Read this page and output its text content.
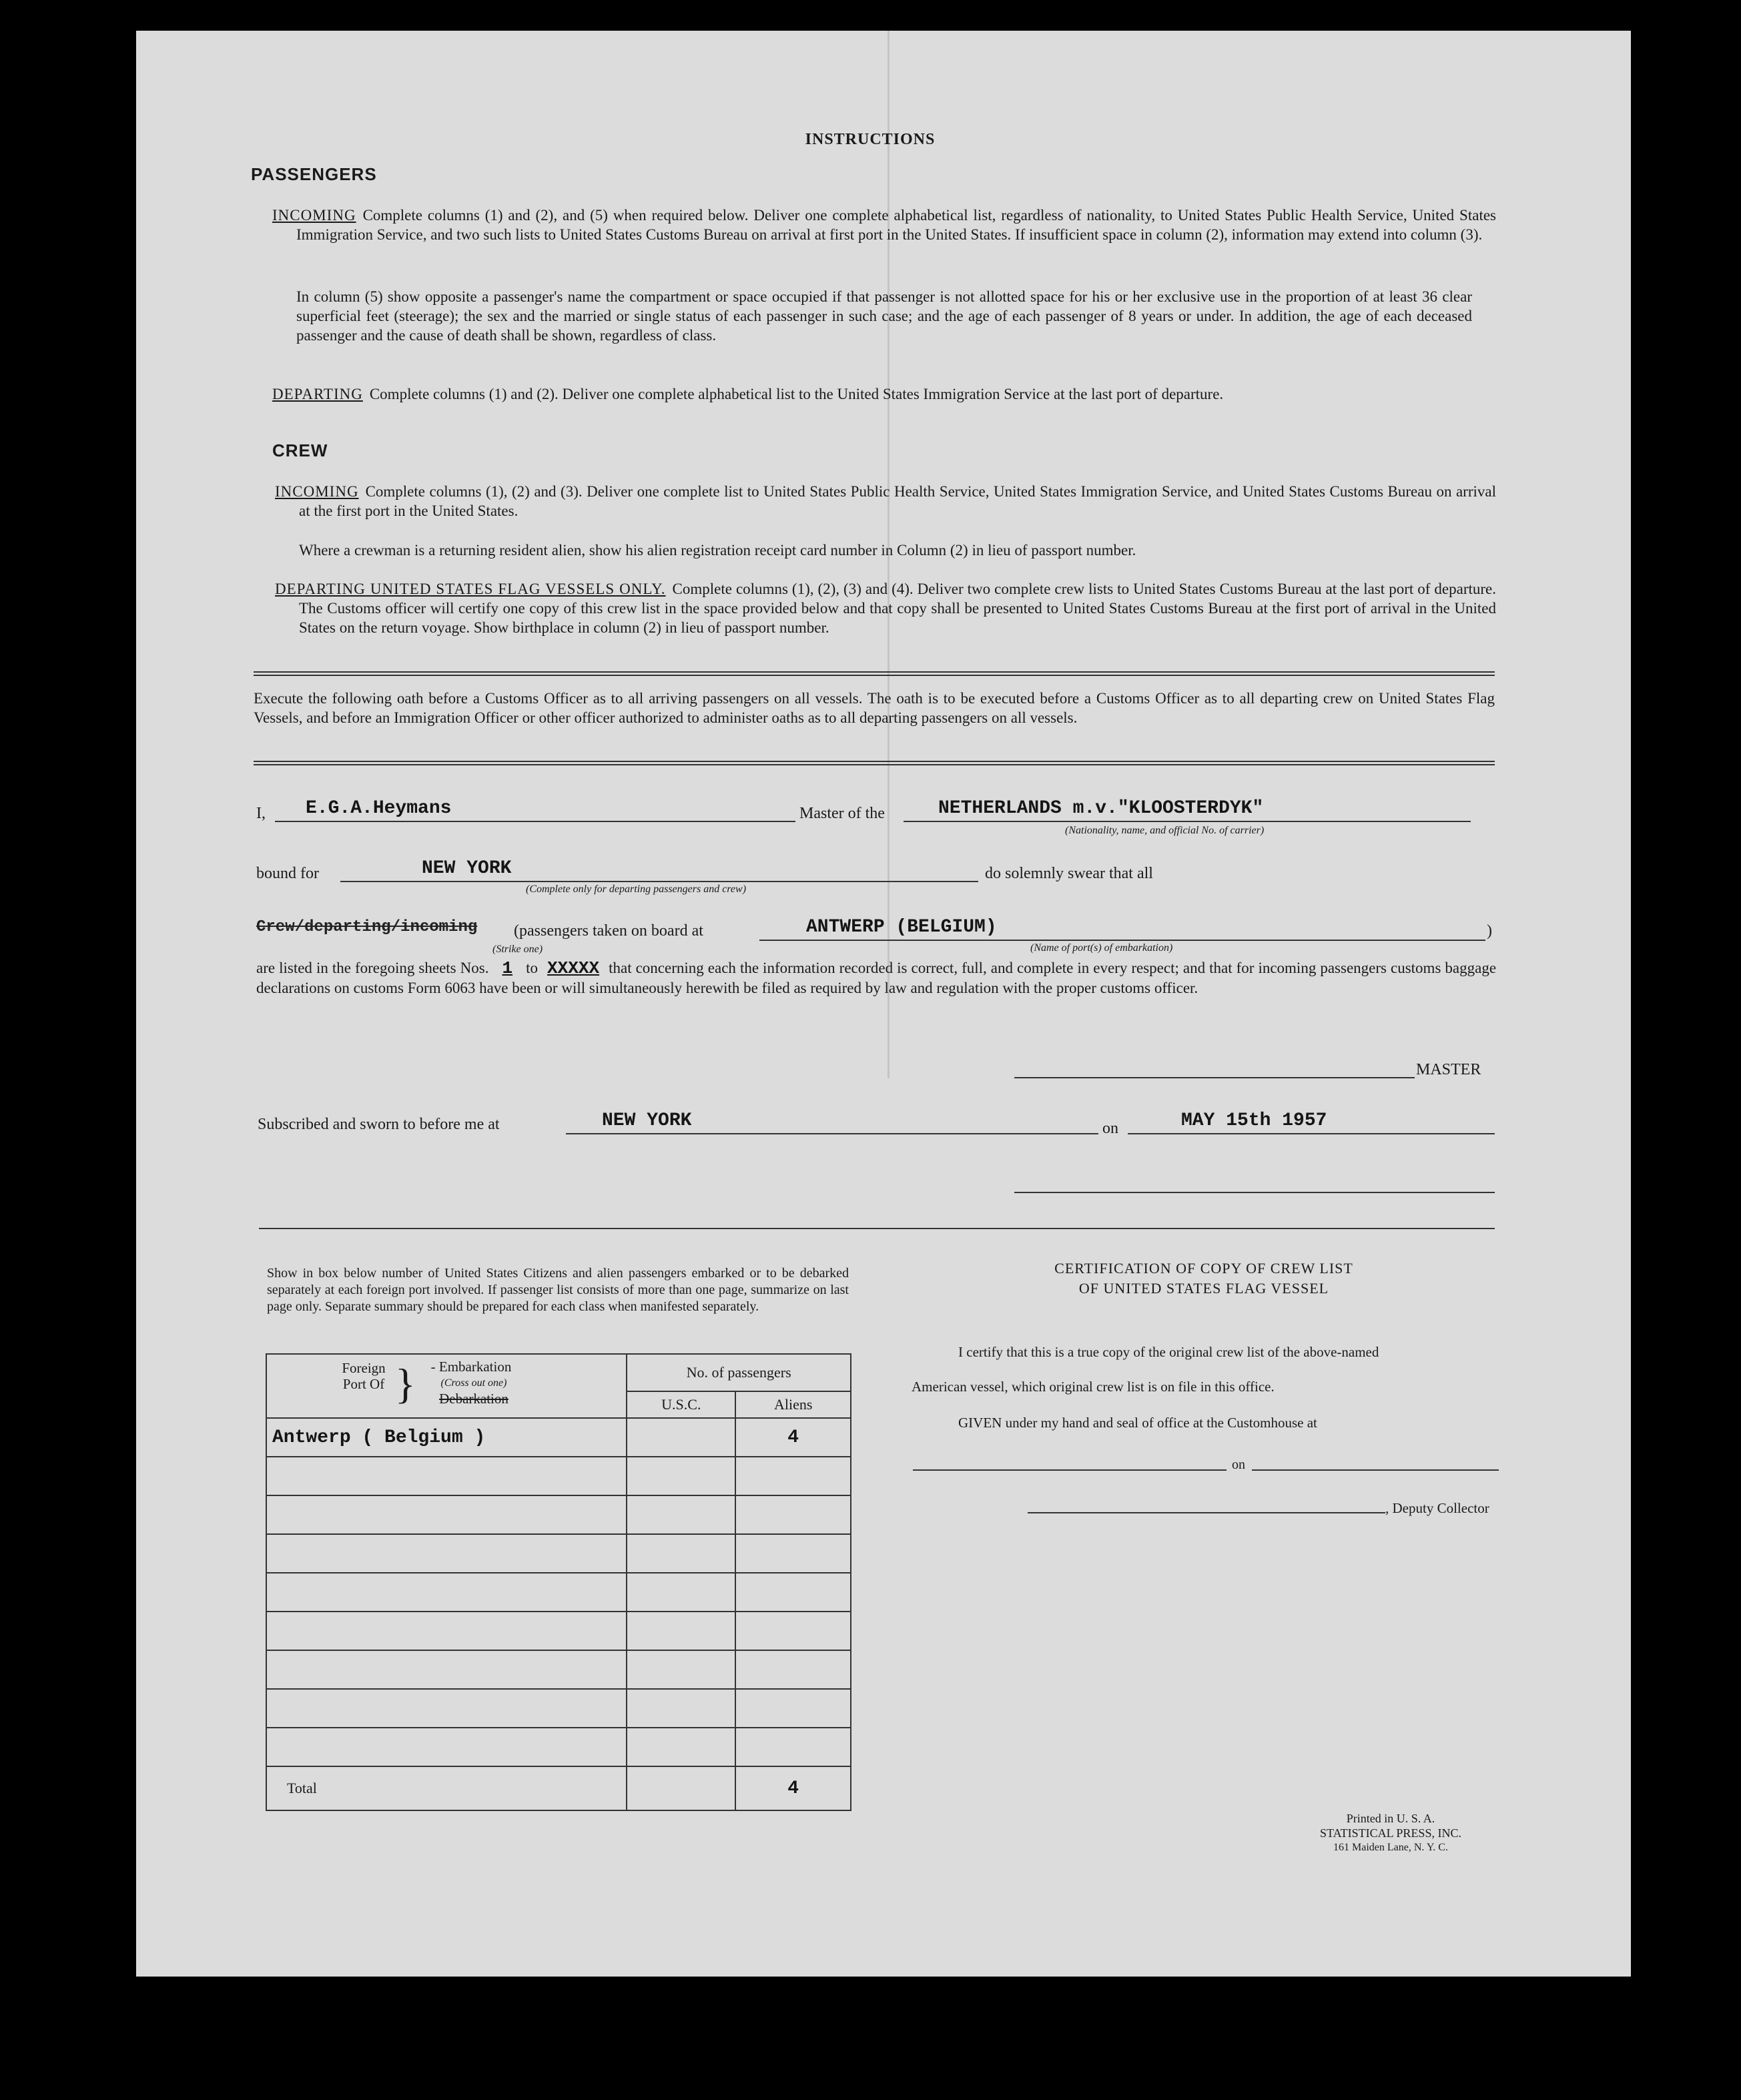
INSTRUCTIONS
PASSENGERS
INCOMING Complete columns (1) and (2), and (5) when required below. Deliver one complete alphabetical list, regardless of nationality, to United States Public Health Service, United States Immigration Service, and two such lists to United States Customs Bureau on arrival at first port in the United States. If insufficient space in column (2), information may extend into column (3).
In column (5) show opposite a passenger's name the compartment or space occupied if that passenger is not allotted space for his or her exclusive use in the proportion of at least 36 clear superficial feet (steerage); the sex and the married or single status of each passenger in such case; and the age of each passenger of 8 years or under. In addition, the age of each deceased passenger and the cause of death shall be shown, regardless of class.
DEPARTING Complete columns (1) and (2). Deliver one complete alphabetical list to the United States Immigration Service at the last port of departure.
CREW
INCOMING Complete columns (1), (2) and (3). Deliver one complete list to United States Public Health Service, United States Immigration Service, and United States Customs Bureau on arrival at the first port in the United States.
Where a crewman is a returning resident alien, show his alien registration receipt card number in Column (2) in lieu of passport number.
DEPARTING UNITED STATES FLAG VESSELS ONLY. Complete columns (1), (2), (3) and (4). Deliver two complete crew lists to United States Customs Bureau at the last port of departure. The Customs officer will certify one copy of this crew list in the space provided below and that copy shall be presented to United States Customs Bureau at the first port of arrival in the United States on the return voyage. Show birthplace in column (2) in lieu of passport number.
Execute the following oath before a Customs Officer as to all arriving passengers on all vessels. The oath is to be executed before a Customs Officer as to all departing crew on United States Flag Vessels, and before an Immigration Officer or other officer authorized to administer oaths as to all departing passengers on all vessels.
I, E.G.A.Heymans	Master of the	NETHERLANDS m.v."KLOOSTERDYK"
(Nationality, name, and official No. of carrier)
bound for	NEW YORK
(Complete only for departing passengers and crew)
do solemnly swear that all
Crew/departing/incoming
(Strike one)
(passengers taken on board at	ANTWERP (BELGIUM)
(Name of port(s) of embarkation)
)
are listed in the foregoing sheets Nos. 1 to XXXXX that concerning each the information recorded is correct, full, and complete in every respect; and that for incoming passengers customs baggage declarations on customs Form 6063 have been or will simultaneously herewith be filed as required by law and regulation with the proper customs officer.
MASTER
Subscribed and sworn to before me at	NEW YORK	on	MAY 15th 1957
Show in box below number of United States Citizens and alien passengers embarked or to be debarked separately at each foreign port involved. If passenger list consists of more than one page, summarize on last page only. Separate summary should be prepared for each class when manifested separately.
Foreign Port Of } - Embarkation
(Cross out one)
Debarkation	No. of passengers	
	U.S.C.	Aliens
Antwerp ( Belgium )		4

Total		4
CERTIFICATION OF COPY OF CREW LIST
OF UNITED STATES FLAG VESSEL
I certify that this is a true copy of the original crew list of the above-named
American vessel, which original crew list is on file in this office.
GIVEN under my hand and seal of office at the Customhouse at
on
, Deputy Collector
Printed in U. S. A.
STATISTICAL PRESS, INC.
161 Maiden Lane, N. Y. C.
